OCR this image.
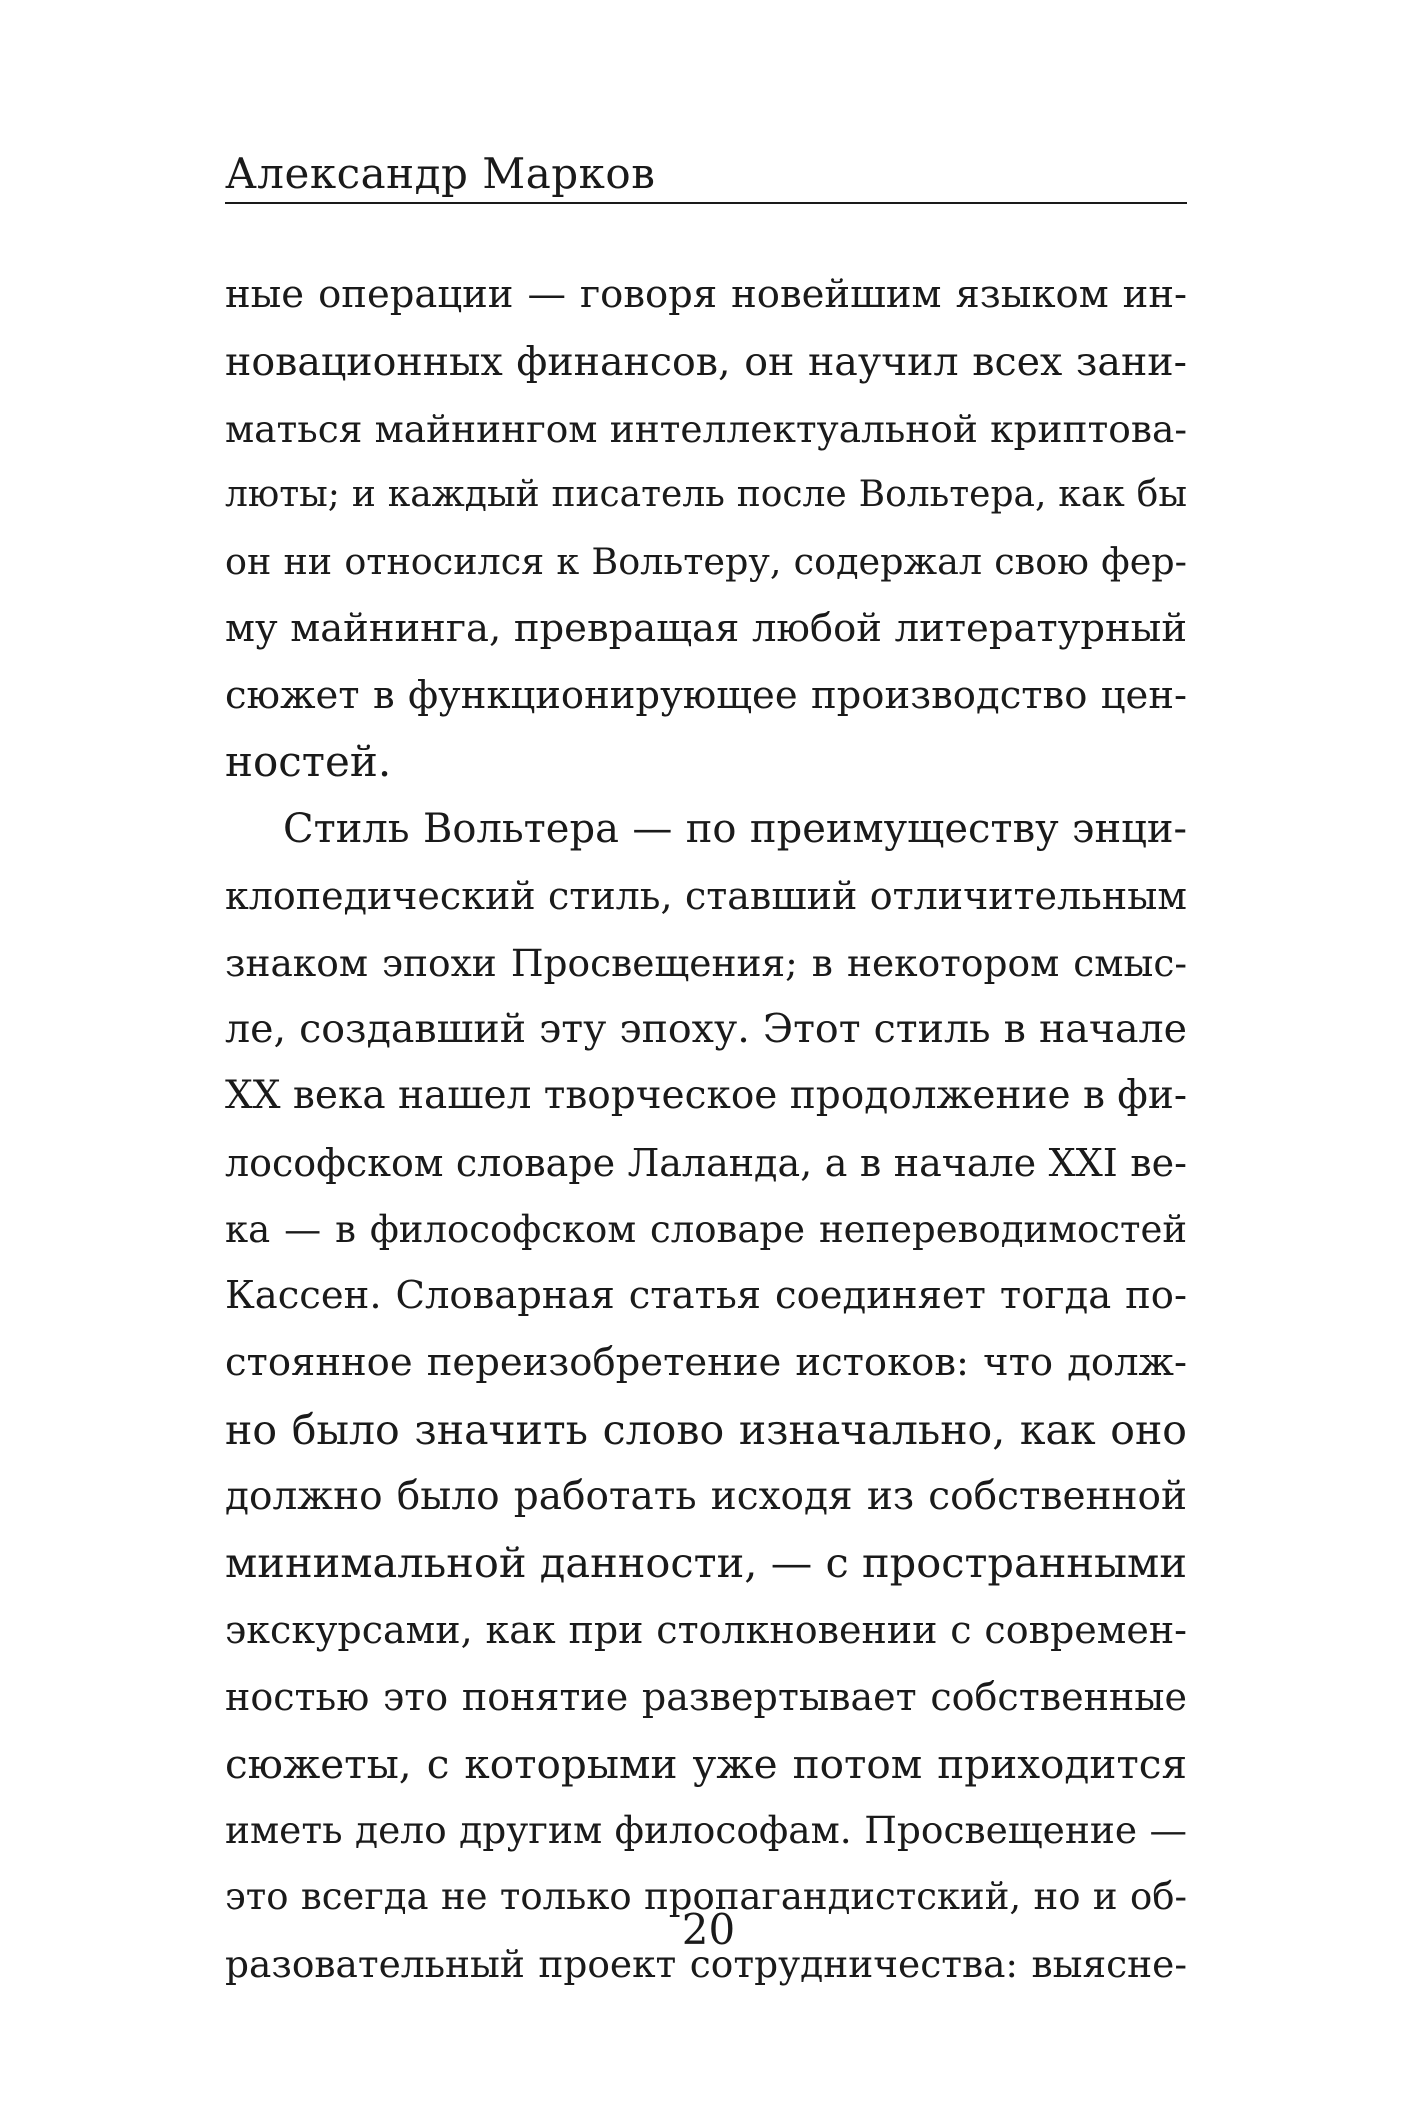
Александр Марков
ные операции — говоря новейшим языком ин-
новационных финансов, он научил всех зани-
маться майнингом интеллектуальной криптова-
люты; и каждый писатель после Вольтера, как бы
он ни относился к Вольтеру, содержал свою фер-
му майнинга, превращая любой литературный
сюжет в функционирующее производство цен-
ностей.
Стиль Вольтера — по преимуществу энци-
клопедический стиль, ставший отличительным
знаком эпохи Просвещения; в некотором смыс-
ле, создавший эту эпоху. Этот стиль в начале
XX века нашел творческое продолжение в фи-
лософском словаре Лаланда, а в начале XXI ве-
ка — в философском словаре непереводимостей
Кассен. Словарная статья соединяет тогда по-
стоянное переизобретение истоков: что долж-
но было значить слово изначально, как оно
должно было работать исходя из собственной
минимальной данности, — с пространными
экскурсами, как при столкновении с современ-
ностью это понятие развертывает собственные
сюжеты, с которыми уже потом приходится
иметь дело другим философам. Просвещение —
это всегда не только пропагандистский, но и об-
разовательный проект сотрудничества: выясне-
20
